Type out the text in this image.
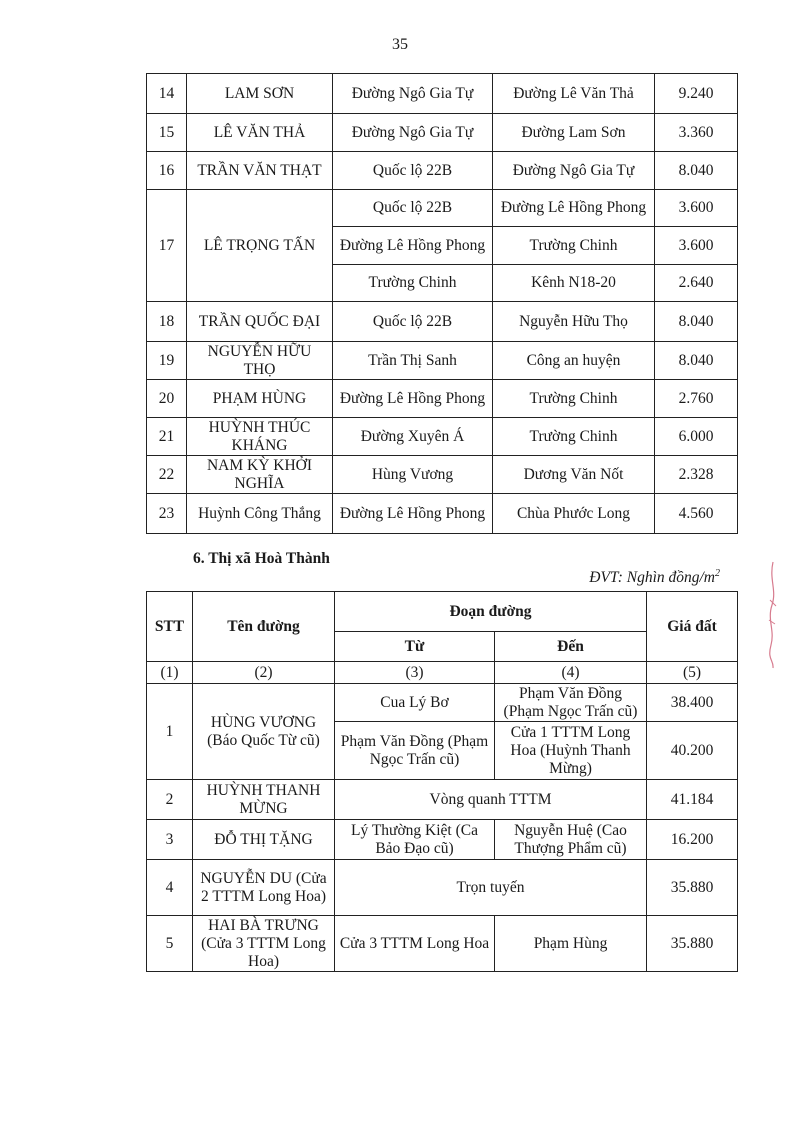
35
14	LAM SƠN	Đường Ngô Gia Tự	Đường Lê Văn Thả	9.240
15	LÊ VĂN THẢ	Đường Ngô Gia Tự	Đường Lam Sơn	3.360
16	TRẦN VĂN THẠT	Quốc lộ 22B	Đường Ngô Gia Tự	8.040
17	LÊ TRỌNG TẤN	Quốc lộ 22B	Đường Lê Hồng Phong	3.600
		Đường Lê Hồng Phong	Trường Chinh	3.600
		Trường Chinh	Kênh N18-20	2.640
18	TRẦN QUỐC ĐẠI	Quốc lộ 22B	Nguyễn Hữu Thọ	8.040
19	NGUYỄN HỮU THỌ	Trần Thị Sanh	Công an huyện	8.040
20	PHẠM HÙNG	Đường Lê Hồng Phong	Trường Chinh	2.760
21	HUỲNH THÚC KHÁNG	Đường Xuyên Á	Trường Chinh	6.000
22	NAM KỲ KHỞI NGHĨA	Hùng Vương	Dương Văn Nốt	2.328
23	Huỳnh Công Thắng	Đường Lê Hồng Phong	Chùa Phước Long	4.560
6. Thị xã Hoà Thành
ĐVT: Nghìn đồng/$m^2$
STT	Tên đường	Đoạn đường		Giá đất
		Từ	Đến	
(1)	(2)	(3)	(4)	(5)
1	HÙNG VƯƠNG (Báo Quốc Từ cũ)	Cua Lý Bơ	Phạm Văn Đồng (Phạm Ngọc Trấn cũ)	38.400
		Phạm Văn Đồng (Phạm Ngọc Trấn cũ)	Cửa 1 TTTM Long Hoa (Huỳnh Thanh Mừng)	40.200
2	HUỲNH THANH MỪNG	Vòng quanh TTTM		41.184
3	ĐỖ THỊ TẶNG	Lý Thường Kiệt (Ca Bảo Đạo cũ)	Nguyễn Huệ (Cao Thượng Phẩm cũ)	16.200
4	NGUYỄN DU (Cửa 2 TTTM Long Hoa)	Trọn tuyến		35.880
5	HAI BÀ TRƯNG (Cửa 3 TTTM Long Hoa)	Cửa 3 TTTM Long Hoa	Phạm Hùng	35.880
